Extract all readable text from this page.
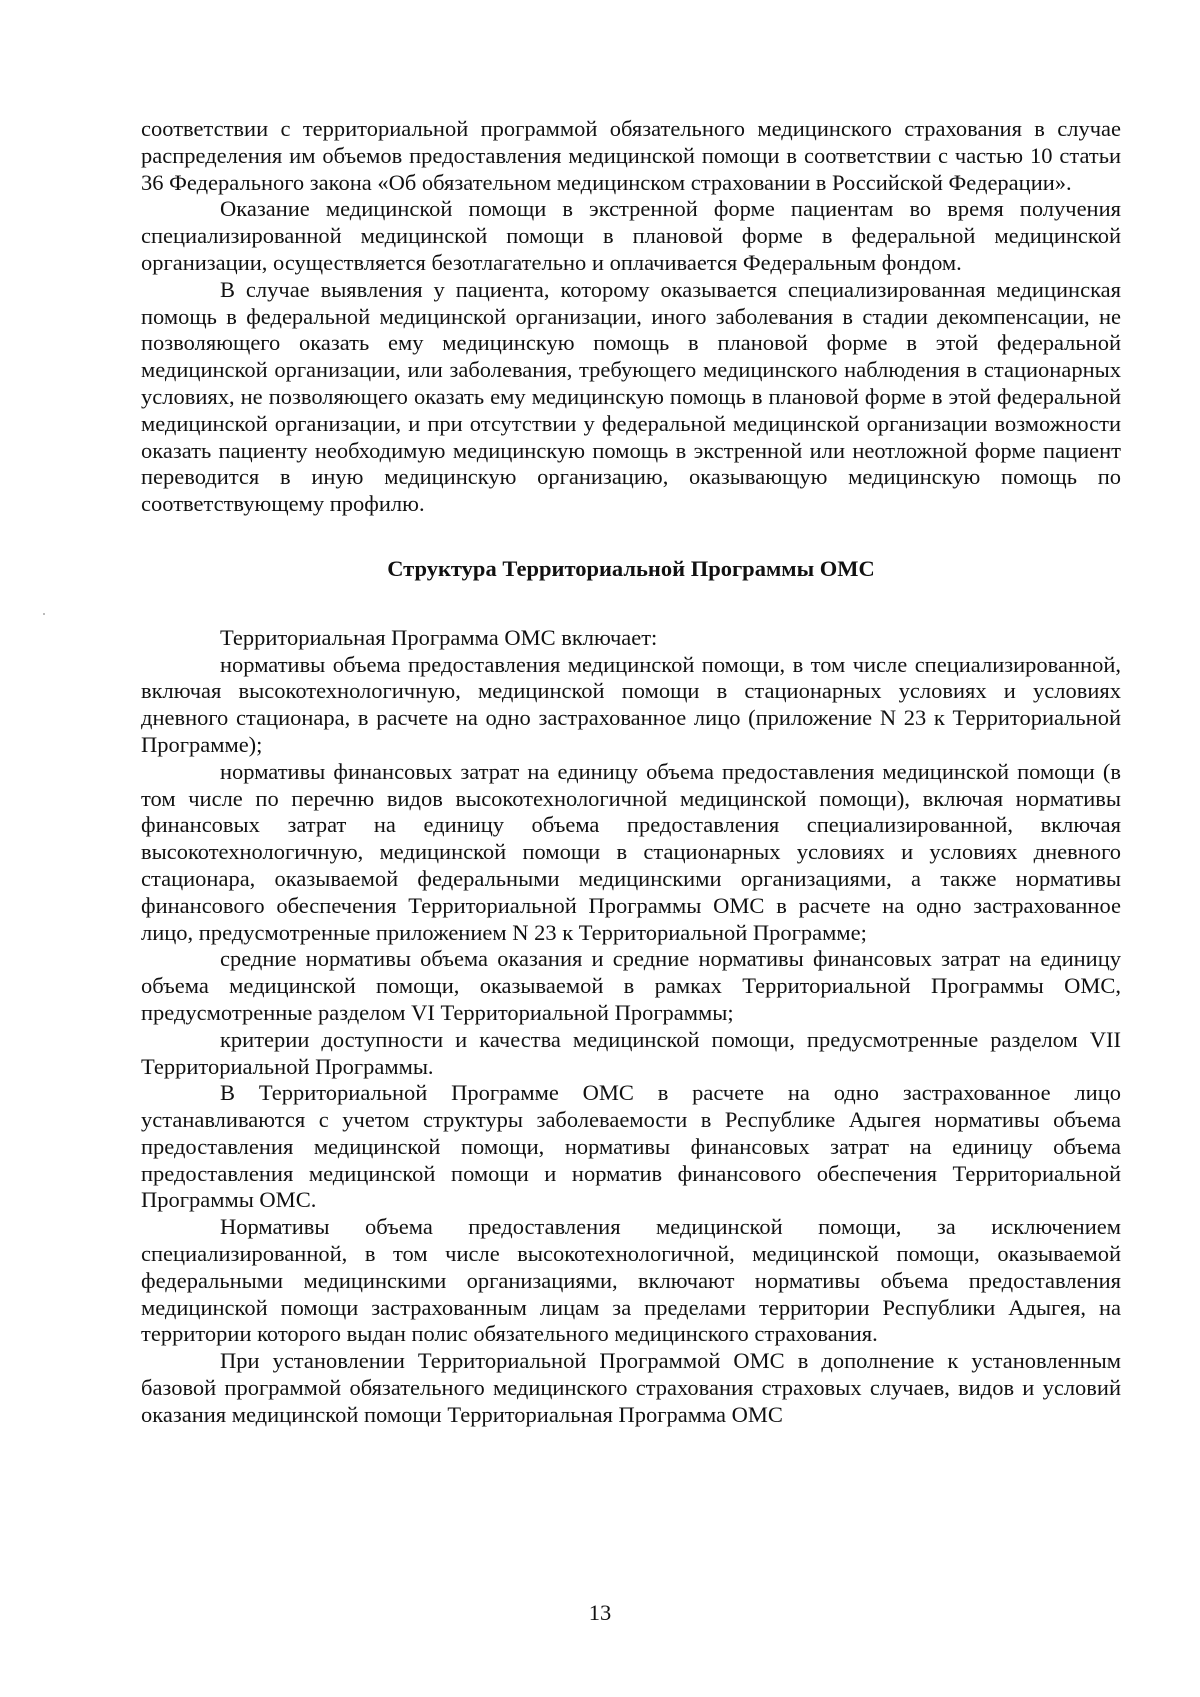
соответствии с территориальной программой обязательного медицинского страхования в случае распределения им объемов предоставления медицинской помощи в соответствии с частью 10 статьи 36 Федерального закона «Об обязательном медицинском страховании в Российской Федерации».

Оказание медицинской помощи в экстренной форме пациентам во время получения специализированной медицинской помощи в плановой форме в федеральной медицинской организации, осуществляется безотлагательно и оплачивается Федеральным фондом.

В случае выявления у пациента, которому оказывается специализированная медицинская помощь в федеральной медицинской организации, иного заболевания в стадии декомпенсации, не позволяющего оказать ему медицинскую помощь в плановой форме в этой федеральной медицинской организации, или заболевания, требующего медицинского наблюдения в стационарных условиях, не позволяющего оказать ему медицинскую помощь в плановой форме в этой федеральной медицинской организации, и при отсутствии у федеральной медицинской организации возможности оказать пациенту необходимую медицинскую помощь в экстренной или неотложной форме пациент переводится в иную медицинскую организацию, оказывающую медицинскую помощь по соответствующему профилю.

Структура Территориальной Программы ОМС

Территориальная Программа ОМС включает:

нормативы объема предоставления медицинской помощи, в том числе специализированной, включая высокотехнологичную, медицинской помощи в стационарных условиях и условиях дневного стационара, в расчете на одно застрахованное лицо (приложение N 23 к Территориальной Программе);

нормативы финансовых затрат на единицу объема предоставления медицинской помощи (в том числе по перечню видов высокотехнологичной медицинской помощи), включая нормативы финансовых затрат на единицу объема предоставления специализированной, включая высокотехнологичную, медицинской помощи в стационарных условиях и условиях дневного стационара, оказываемой федеральными медицинскими организациями, а также нормативы финансового обеспечения Территориальной Программы ОМС в расчете на одно застрахованное лицо, предусмотренные приложением N 23 к Территориальной Программе;

средние нормативы объема оказания и средние нормативы финансовых затрат на единицу объема медицинской помощи, оказываемой в рамках Территориальной Программы ОМС, предусмотренные разделом VI Территориальной Программы;

критерии доступности и качества медицинской помощи, предусмотренные разделом VII Территориальной Программы.

В Территориальной Программе ОМС в расчете на одно застрахованное лицо устанавливаются с учетом структуры заболеваемости в Республике Адыгея нормативы объема предоставления медицинской помощи, нормативы финансовых затрат на единицу объема предоставления медицинской помощи и норматив финансового обеспечения Территориальной Программы ОМС.

Нормативы объема предоставления медицинской помощи, за исключением специализированной, в том числе высокотехнологичной, медицинской помощи, оказываемой федеральными медицинскими организациями, включают нормативы объема предоставления медицинской помощи застрахованным лицам за пределами территории Республики Адыгея, на территории которого выдан полис обязательного медицинского страхования.

При установлении Территориальной Программой ОМС в дополнение к установленным базовой программой обязательного медицинского страхования страховых случаев, видов и условий оказания медицинской помощи Территориальная Программа ОМС

13
